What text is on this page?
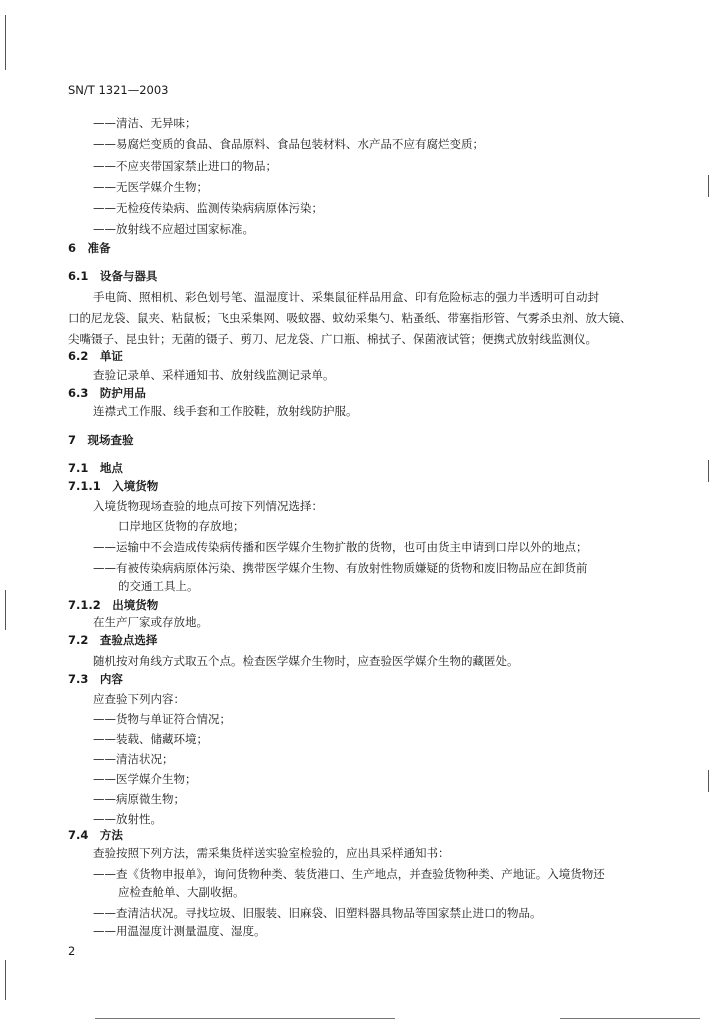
SN/T 1321—2003
——清洁、无异味；
——易腐烂变质的食品、食品原料、食品包装材料、水产品不应有腐烂变质；
——不应夹带国家禁止进口的物品；
——无医学媒介生物；
——无检疫传染病、监测传染病病原体污染；
——放射线不应超过国家标准。
6　准备
6.1　设备与器具
手电筒、照相机、彩色划号笔、温湿度计、采集鼠征样品用盒、印有危险标志的强力半透明可自动封
口的尼龙袋、鼠夹、粘鼠板；飞虫采集网、吸蚊器、蚊幼采集勺、粘蚤纸、带塞指形管、气雾杀虫剂、放大镜、
尖嘴镊子、昆虫针；无菌的镊子、剪刀、尼龙袋、广口瓶、棉拭子、保菌液试管；便携式放射线监测仪。
6.2　单证
查验记录单、采样通知书、放射线监测记录单。
6.3　防护用品
连襟式工作服、线手套和工作胶鞋，放射线防护服。
7　现场查验
7.1　地点
7.1.1　入境货物
入境货物现场查验的地点可按下列情况选择：
口岸地区货物的存放地；
——运输中不会造成传染病传播和医学媒介生物扩散的货物，也可由货主申请到口岸以外的地点；
——有被传染病病原体污染、携带医学媒介生物、有放射性物质嫌疑的货物和废旧物品应在卸货前
的交通工具上。
7.1.2　出境货物
在生产厂家或存放地。
7.2　查验点选择
随机按对角线方式取五个点。检查医学媒介生物时，应查验医学媒介生物的藏匿处。
7.3　内容
应查验下列内容：
——货物与单证符合情况；
——装载、储藏环境；
——清洁状况；
——医学媒介生物；
——病原微生物；
——放射性。
7.4　方法
查验按照下列方法，需采集货样送实验室检验的，应出具采样通知书：
——查《货物申报单》，询问货物种类、装货港口、生产地点，并查验货物种类、产地证。入境货物还
应检查舱单、大副收据。
——查清洁状况。寻找垃圾、旧服装、旧麻袋、旧塑料器具物品等国家禁止进口的物品。
——用温湿度计测量温度、湿度。
2
